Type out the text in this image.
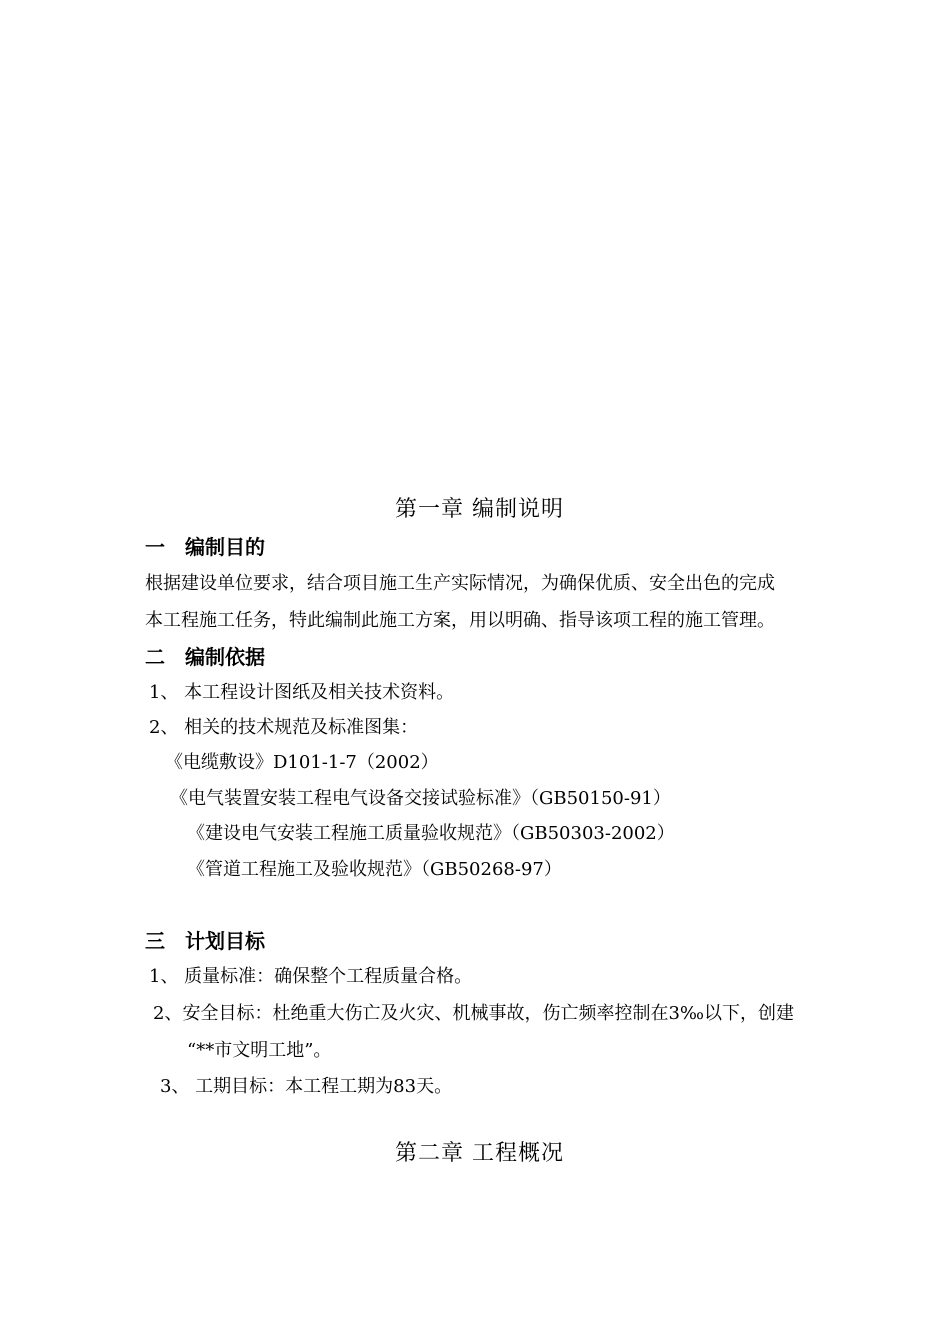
第一章 编制说明
一 编制目的
根据建设单位要求，结合项目施工生产实际情况，为确保优质、安全出色的完成
本工程施工任务，特此编制此施工方案，用以明确、指导该项工程的施工管理。
二 编制依据
1、 本工程设计图纸及相关技术资料。
2、 相关的技术规范及标准图集：
《电缆敷设》D101-1-7（2002）
《电气装置安装工程电气设备交接试验标准》（GB50150-91）
《建设电气安装工程施工质量验收规范》（GB50303-2002）
《管道工程施工及验收规范》（GB50268-97）
三 计划目标
1、 质量标准：确保整个工程质量合格。
2、安全目标：杜绝重大伤亡及火灾、机械事故，伤亡频率控制在3‰以下，创建
“**市文明工地”。
3、 工期目标：本工程工期为83天。
第二章 工程概况
